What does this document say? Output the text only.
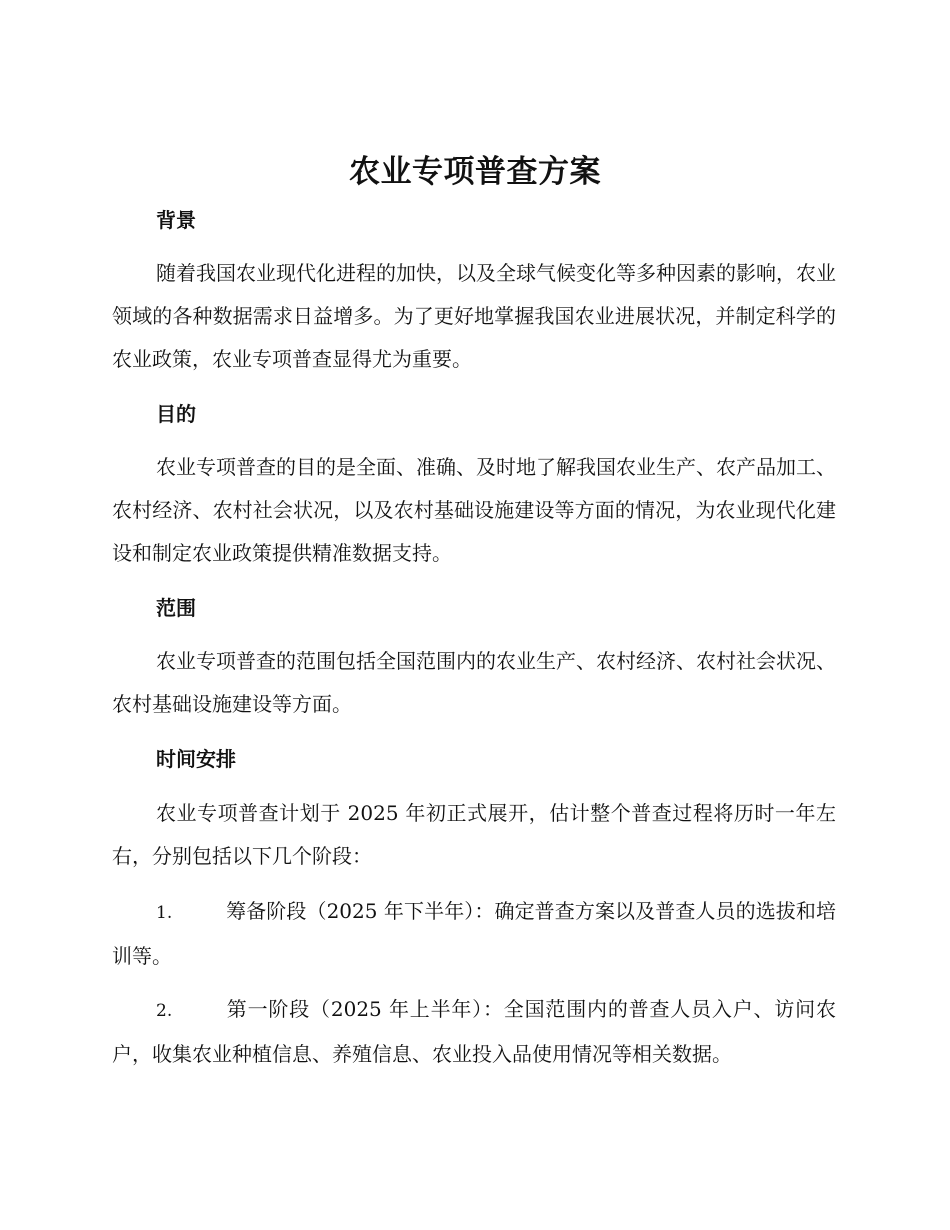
农业专项普查方案
背景
随着我国农业现代化进程的加快，以及全球气候变化等多种因素的影响，农业领域的各种数据需求日益增多。为了更好地掌握我国农业进展状况，并制定科学的农业政策，农业专项普查显得尤为重要。
目的
农业专项普查的目的是全面、准确、及时地了解我国农业生产、农产品加工、农村经济、农村社会状况，以及农村基础设施建设等方面的情况，为农业现代化建设和制定农业政策提供精准数据支持。
范围
农业专项普查的范围包括全国范围内的农业生产、农村经济、农村社会状况、农村基础设施建设等方面。
时间安排
农业专项普查计划于 2025 年初正式展开，估计整个普查过程将历时一年左右，分别包括以下几个阶段：
1.	筹备阶段（2025 年下半年）：确定普查方案以及普查人员的选拔和培训等。
2.	第一阶段（2025 年上半年）：全国范围内的普查人员入户、访问农户，收集农业种植信息、养殖信息、农业投入品使用情况等相关数据。
